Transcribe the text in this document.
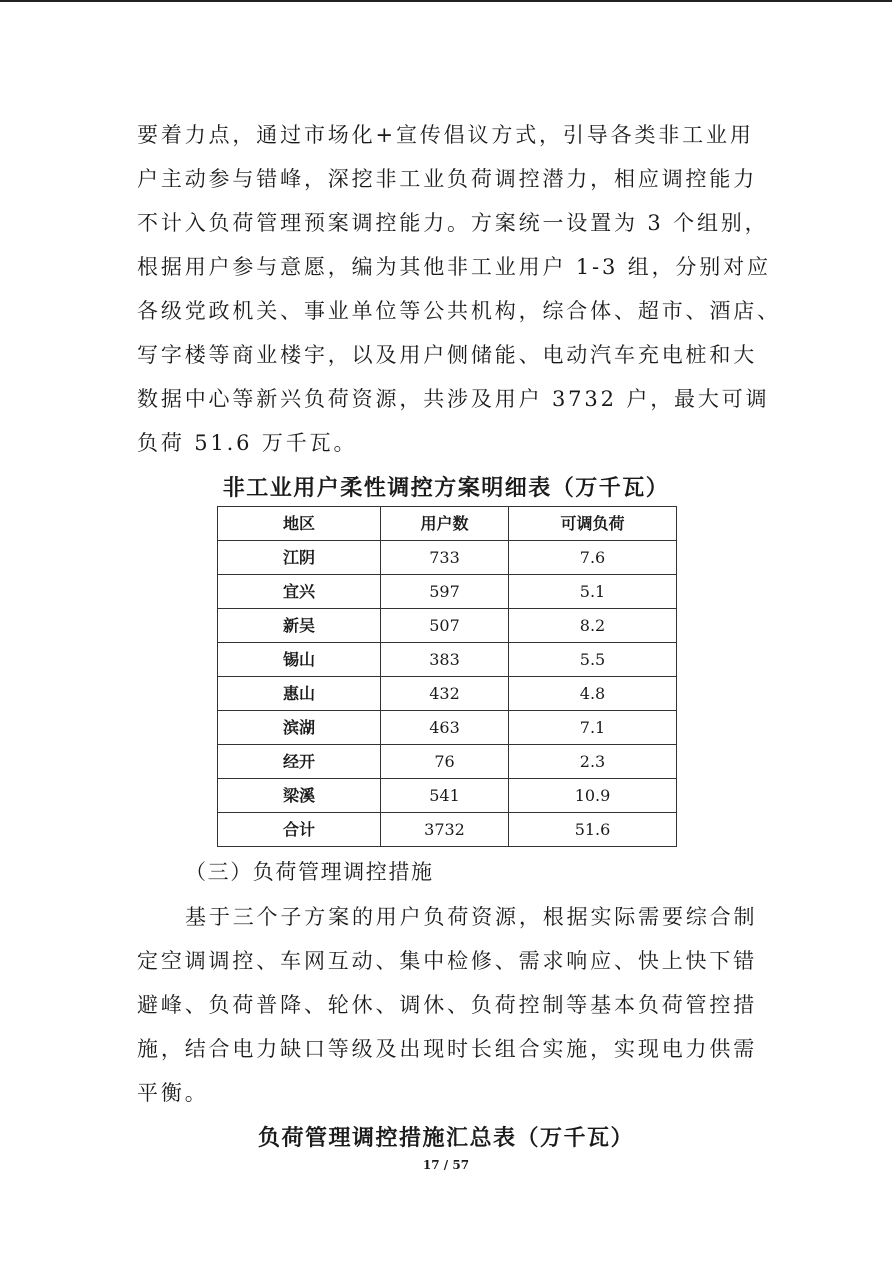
要着力点，通过市场化+宣传倡议方式，引导各类非工业用
户主动参与错峰，深挖非工业负荷调控潜力，相应调控能力
不计入负荷管理预案调控能力。方案统一设置为 3 个组别，
根据用户参与意愿，编为其他非工业用户 1-3 组，分别对应
各级党政机关、事业单位等公共机构，综合体、超市、酒店、
写字楼等商业楼宇，以及用户侧储能、电动汽车充电桩和大
数据中心等新兴负荷资源，共涉及用户 3732 户，最大可调
负荷 51.6 万千瓦。
非工业用户柔性调控方案明细表（万千瓦）
地区	用户数	可调负荷
江阴	733	7.6
宜兴	597	5.1
新吴	507	8.2
锡山	383	5.5
惠山	432	4.8
滨湖	463	7.1
经开	76	2.3
梁溪	541	10.9
合计	3732	51.6
（三）负荷管理调控措施
基于三个子方案的用户负荷资源，根据实际需要综合制
定空调调控、车网互动、集中检修、需求响应、快上快下错
避峰、负荷普降、轮休、调休、负荷控制等基本负荷管控措
施，结合电力缺口等级及出现时长组合实施，实现电力供需
平衡。
负荷管理调控措施汇总表（万千瓦）
17 / 57
